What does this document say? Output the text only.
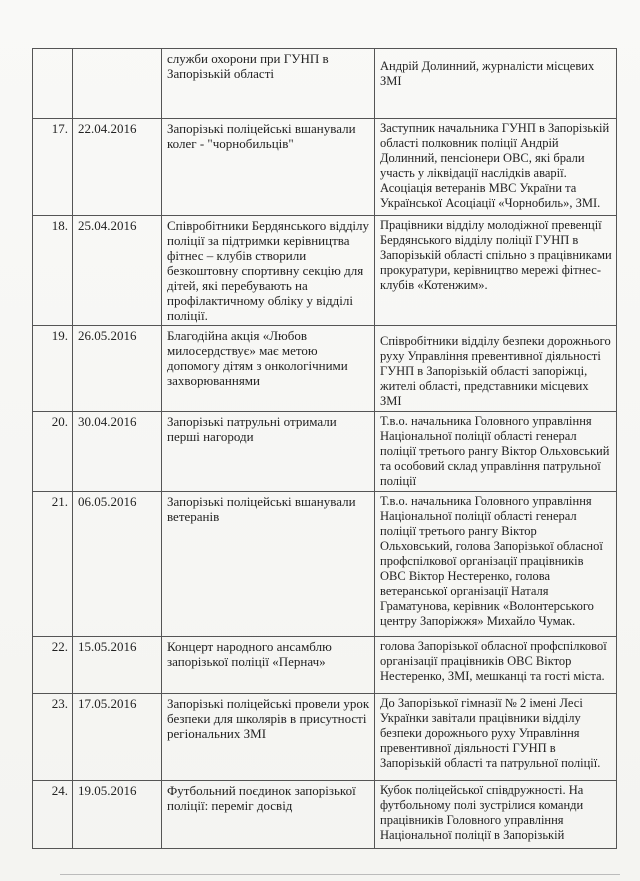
		служби охорони при ГУНП в Запорізькій області	Андрій Долинний, журналісти місцевих ЗМІ
17.	22.04.2016	Запорізькі поліцейські вшанували колег - "чорнобильців"	Заступник начальника ГУНП в Запорізькій області полковник поліції Андрій Долинний, пенсіонери ОВС, які брали участь у ліквідації наслідків аварії. Асоціація ветеранів МВС України та Української Асоціації «Чорнобиль», ЗМІ.
18.	25.04.2016	Співробітники Бердянського відділу поліції за підтримки керівництва фітнес – клубів створили безкоштовну спортивну секцію для дітей, які перебувають на профілактичному обліку у відділі поліції.	Працівники відділу молодіжної превенції Бердянського відділу поліції ГУНП в Запорізькій області спільно з працівниками прокуратури, керівництво мережі фітнес-клубів «Котенжим».
19.	26.05.2016	Благодійна акція «Любов милосердствує» має метою допомогу дітям з онкологічними захворюваннями	Співробітники відділу безпеки дорожнього руху Управління превентивної діяльності ГУНП в Запорізькій області запоріжці, жителі області, представники місцевих ЗМІ
20.	30.04.2016	Запорізькі патрульні отримали перші нагороди	Т.в.о. начальника Головного управління Національної поліції області генерал поліції третього рангу Віктор Ольховський та особовий склад управління патрульної поліції
21.	06.05.2016	Запорізькі поліцейські вшанували ветеранів	Т.в.о. начальника Головного управління Національної поліції області генерал поліції третього рангу Віктор Ольховський, голова Запорізької обласної профспілкової організації працівників ОВС Віктор Нестеренко, голова ветеранської організації Наталя Граматунова, керівник «Волонтерського центру Запоріжжя» Михайло Чумак.
22.	15.05.2016	Концерт народного ансамблю запорізької поліції «Пернач»	голова Запорізької обласної профспілкової організації працівників ОВС Віктор Нестеренко, ЗМІ, мешканці та гості міста.
23.	17.05.2016	Запорізькі поліцейські провели урок безпеки для школярів в присутності регіональних ЗМІ	До Запорізької гімназії № 2 імені Лесі Українки завітали працівники відділу безпеки дорожнього руху Управління превентивної діяльності ГУНП в Запорізькій області та патрульної поліції.
24.	19.05.2016	Футбольний поєдинок запорізької поліції: переміг досвід	Кубок поліцейської співдружності. На футбольному полі зустрілися команди працівників Головного управління Національної поліції в Запорізькій
